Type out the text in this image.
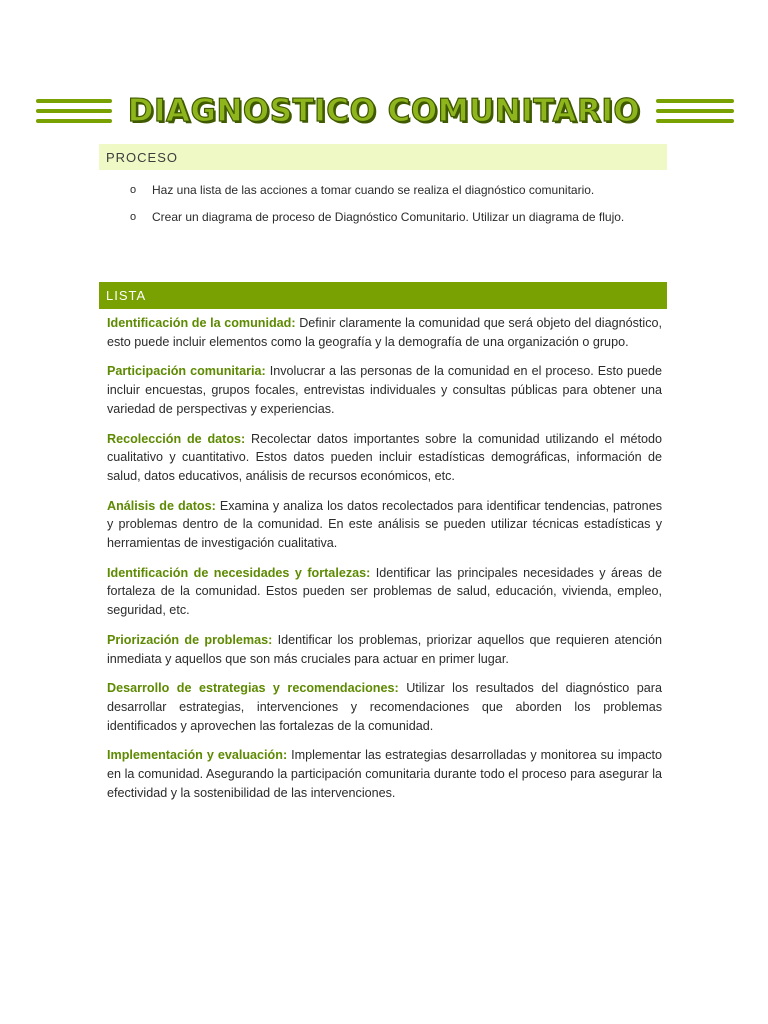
DIAGNOSTICO COMUNITARIO
PROCESO
o	Haz una lista de las acciones a tomar cuando se realiza el diagnóstico comunitario.
o	Crear un diagrama de proceso de Diagnóstico Comunitario. Utilizar un diagrama de flujo.
LISTA

Identificación de la comunidad: Definir claramente la comunidad que será objeto del diagnóstico, esto puede incluir elementos como la geografía y la demografía de una organización o grupo.

Participación comunitaria: Involucrar a las personas de la comunidad en el proceso. Esto puede incluir encuestas, grupos focales, entrevistas individuales y consultas públicas para obtener una variedad de perspectivas y experiencias.

Recolección de datos: Recolectar datos importantes sobre la comunidad utilizando el método cualitativo y cuantitativo. Estos datos pueden incluir estadísticas demográficas, información de salud, datos educativos, análisis de recursos económicos, etc.

Análisis de datos: Examina y analiza los datos recolectados para identificar tendencias, patrones y problemas dentro de la comunidad. En este análisis se pueden utilizar técnicas estadísticas y herramientas de investigación cualitativa.

Identificación de necesidades y fortalezas: Identificar las principales necesidades y áreas de fortaleza de la comunidad. Estos pueden ser problemas de salud, educación, vivienda, empleo, seguridad, etc.

Priorización de problemas: Identificar los problemas, priorizar aquellos que requieren atención inmediata y aquellos que son más cruciales para actuar en primer lugar.

Desarrollo de estrategias y recomendaciones: Utilizar los resultados del diagnóstico para desarrollar estrategias, intervenciones y recomendaciones que aborden los problemas identificados y aprovechen las fortalezas de la comunidad.

Implementación y evaluación: Implementar las estrategias desarrolladas y monitorea su impacto en la comunidad. Asegurando la participación comunitaria durante todo el proceso para asegurar la efectividad y la sostenibilidad de las intervenciones.
